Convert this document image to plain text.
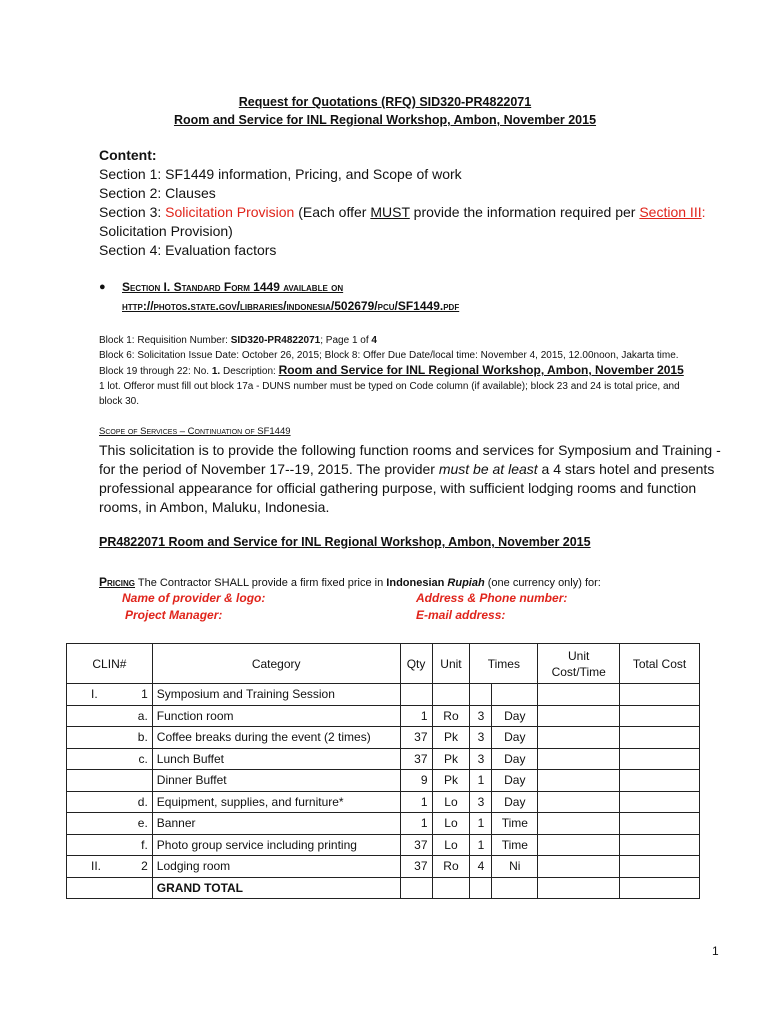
Request for Quotations (RFQ) SID320-PR4822071
Room and Service for INL Regional Workshop, Ambon, November 2015
Content:
Section 1: SF1449 information, Pricing, and Scope of work
Section 2: Clauses
Section 3: Solicitation Provision (Each offer MUST provide the information required per Section III:
Solicitation Provision)
Section 4: Evaluation factors
● Section I. Standard Form 1449 available on
http://photos.state.gov/libraries/indonesia/502679/pcu/SF1449.pdf
Block 1: Requisition Number: SID320-PR4822071; Page 1 of 4
Block 6: Solicitation Issue Date: October 26, 2015; Block 8: Offer Due Date/local time: November 4, 2015, 12.00noon, Jakarta time.
Block 19 through 22: No. 1. Description: Room and Service for INL Regional Workshop, Ambon, November 2015
1 lot. Offeror must fill out block 17a - DUNS number must be typed on Code column (if available); block 23 and 24 is total price, and
block 30.
Scope of Services – Continuation of SF1449
This solicitation is to provide the following function rooms and services for Symposium and Training -
for the period of November 17--19, 2015. The provider must be at least a 4 stars hotel and presents
professional appearance for official gathering purpose, with sufficient lodging rooms and function
rooms, in Ambon, Maluku, Indonesia.
PR4822071 Room and Service for INL Regional Workshop, Ambon, November 2015
Pricing The Contractor SHALL provide a firm fixed price in Indonesian Rupiah (one currency only) for:
Name of provider & logo:	Address & Phone number:
Project Manager:	E-mail address:
CLIN#	Category	Qty	Unit	Times		Unit Cost/Time	Total Cost
I. 1	Symposium and Training Session						

a.	Function room	1	Ro	3	Day		

b.	Coffee breaks during the event (2 times)	37	Pk	3	Day		

c.	Lunch Buffet	37	Pk	3	Day		

	Dinner Buffet	9	Pk	1	Day		

d.	Equipment, supplies, and furniture*	1	Lo	3	Day		

e.	Banner	1	Lo	1	Time		

f.	Photo group service including printing	37	Lo	1	Time		
II. 2	Lodging room	37	Ro	4	Ni		
	GRAND TOTAL						
1
